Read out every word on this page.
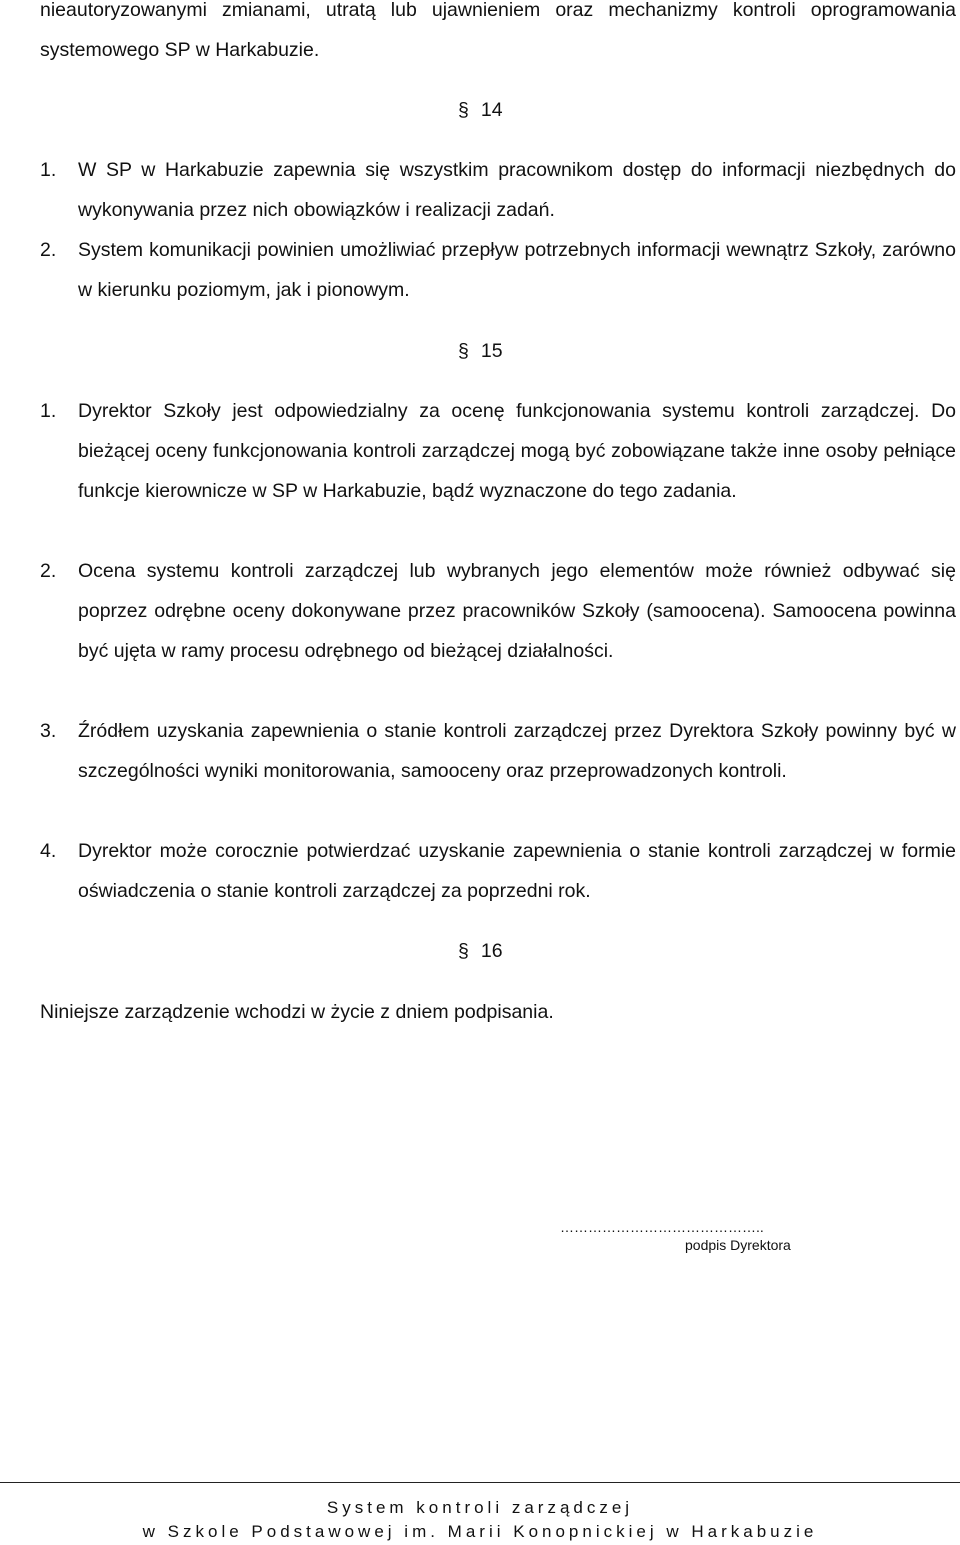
nieautoryzowanymi zmianami, utratą lub ujawnieniem oraz mechanizmy kontroli oprogramowania systemowego SP w Harkabuzie.

§ 14
1.	W SP w Harkabuzie zapewnia się wszystkim pracownikom dostęp do informacji niezbędnych do wykonywania przez nich obowiązków i realizacji zadań.
2.	System komunikacji powinien umożliwiać przepływ potrzebnych informacji wewnątrz Szkoły, zarówno w kierunku poziomym, jak i pionowym.
§ 15
1.	Dyrektor Szkoły jest odpowiedzialny za ocenę funkcjonowania systemu kontroli zarządczej. Do bieżącej oceny funkcjonowania kontroli zarządczej mogą być zobowiązane także inne osoby pełniące funkcje kierownicze w SP w Harkabuzie, bądź wyznaczone do tego zadania.
2.	Ocena systemu kontroli zarządczej lub wybranych jego elementów może również odbywać się poprzez odrębne oceny dokonywane przez pracowników Szkoły (samoocena). Samoocena powinna być ujęta w ramy procesu odrębnego od bieżącej działalności.
3.	Źródłem uzyskania zapewnienia o stanie kontroli zarządczej przez Dyrektora Szkoły powinny być w szczególności wyniki monitorowania, samooceny oraz przeprowadzonych kontroli.
4.	Dyrektor może corocznie potwierdzać uzyskanie zapewnienia o stanie kontroli zarządczej w formie oświadczenia o stanie kontroli zarządczej za poprzedni rok.
§ 16

Niniejsze zarządzenie wchodzi w życie z dniem podpisania.

……………………………………..
podpis Dyrektora
System kontroli zarządczej
w Szkole Podstawowej im. Marii Konopnickiej w Harkabuzie
